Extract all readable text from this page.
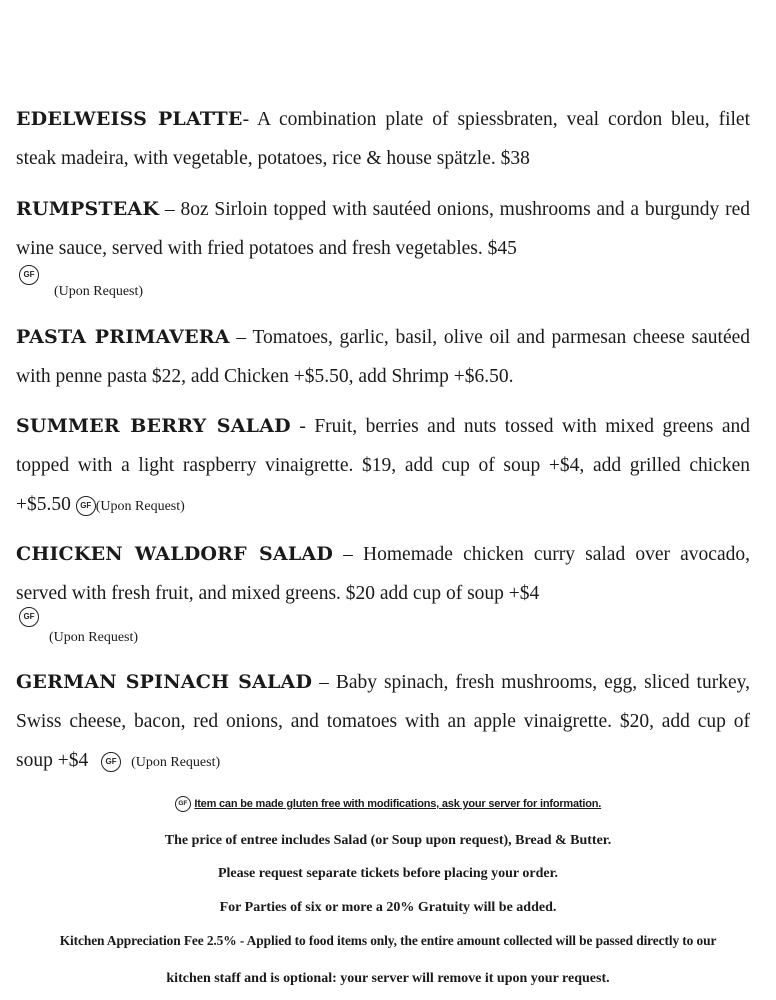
EDELWEISS PLATTE- A combination plate of spiessbraten, veal cordon bleu, filet steak madeira, with vegetable, potatoes, rice & house spätzle. $38
RUMPSTEAK – 8oz Sirloin topped with sautéed onions, mushrooms and a burgundy red wine sauce, served with fried potatoes and fresh vegetables. $45
GF
(Upon Request)
PASTA PRIMAVERA – Tomatoes, garlic, basil, olive oil and parmesan cheese sautéed with penne pasta $22, add Chicken +$5.50, add Shrimp +$6.50.
SUMMER BERRY SALAD - Fruit, berries and nuts tossed with mixed greens and topped with a light raspberry vinaigrette. $19, add cup of soup +$4, add grilled chicken +$5.50 GF (Upon Request)
CHICKEN WALDORF SALAD – Homemade chicken curry salad over avocado, served with fresh fruit, and mixed greens. $20 add cup of soup +$4
GF
(Upon Request)
GERMAN SPINACH SALAD – Baby spinach, fresh mushrooms, egg, sliced turkey, Swiss cheese, bacon, red onions, and tomatoes with an apple vinaigrette. $20, add cup of soup +$4 GF (Upon Request)
GF Item can be made gluten free with modifications, ask your server for information.
The price of entree includes Salad (or Soup upon request), Bread & Butter.
Please request separate tickets before placing your order.
For Parties of six or more a 20% Gratuity will be added.
Kitchen Appreciation Fee 2.5% - Applied to food items only, the entire amount collected will be passed directly to our
kitchen staff and is optional: your server will remove it upon your request.
